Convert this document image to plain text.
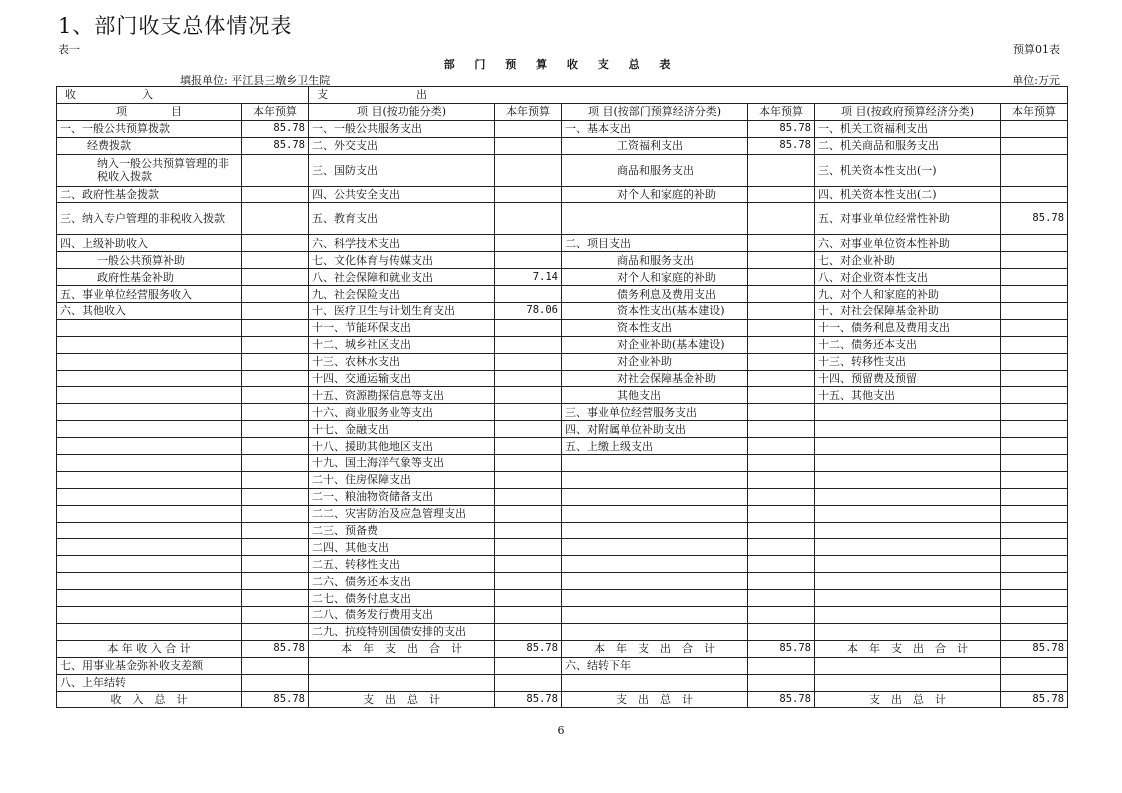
1、部门收支总体情况表
表一	预算01表
部 门 预 算 收 支 总 表
填报单位: 平江县三墩乡卫生院	单位:万元
收　　　　　　入		支　　　　　　　　出					
项　　　　目	本年预算	项 目(按功能分类)	本年预算	项 目(按部门预算经济分类)	本年预算	项 目(按政府预算经济分类)	本年预算
一、一般公共预算拨款	85.78	一、一般公共服务支出		一、基本支出	85.78	一、机关工资福利支出	
经费拨款	85.78	二、外交支出		工资福利支出	85.78	二、机关商品和服务支出	
纳入一般公共预算管理的非税收入拨款		三、国防支出		商品和服务支出		三、机关资本性支出(一)	
二、政府性基金拨款		四、公共安全支出		对个人和家庭的补助		四、机关资本性支出(二)	
三、纳入专户管理的非税收入拨款		五、教育支出				五、对事业单位经常性补助	85.78
四、上级补助收入		六、科学技术支出		二、项目支出		六、对事业单位资本性补助	
一般公共预算补助		七、文化体育与传媒支出		商品和服务支出		七、对企业补助	
政府性基金补助		八、社会保障和就业支出	7.14	对个人和家庭的补助		八、对企业资本性支出	
五、事业单位经营服务收入		九、社会保险支出		债务利息及费用支出		九、对个人和家庭的补助	
六、其他收入		十、医疗卫生与计划生育支出	78.06	资本性支出(基本建设)		十、对社会保障基金补助	
		十一、节能环保支出		资本性支出		十一、债务利息及费用支出	
		十二、城乡社区支出		对企业补助(基本建设)		十二、债务还本支出	
		十三、农林水支出		对企业补助		十三、转移性支出	
		十四、交通运输支出		对社会保障基金补助		十四、预留费及预留	
		十五、资源勘探信息等支出		其他支出		十五、其他支出	
		十六、商业服务业等支出		三、事业单位经营服务支出			
		十七、金融支出		四、对附属单位补助支出			
		十八、援助其他地区支出		五、上缴上级支出			
		十九、国土海洋气象等支出					
		二十、住房保障支出					
		二一、粮油物资储备支出					
		二二、灾害防治及应急管理支出					
		二三、预备费					
		二四、其他支出					
		二五、转移性支出					
		二六、债务还本支出					
		二七、债务付息支出					
		二八、债务发行费用支出					
		二九、抗疫特别国债安排的支出					
本 年 收 入 合 计	85.78	本　年　支　出　合　计	85.78	本　年　支　出　合　计	85.78	本　年　支　出　合　计	85.78
七、用事业基金弥补收支差额				六、结转下年			
八、上年结转							
收　入　总　计	85.78	支　出　总　计	85.78	支　出　总　计	85.78	支　出　总　计	85.78
6
